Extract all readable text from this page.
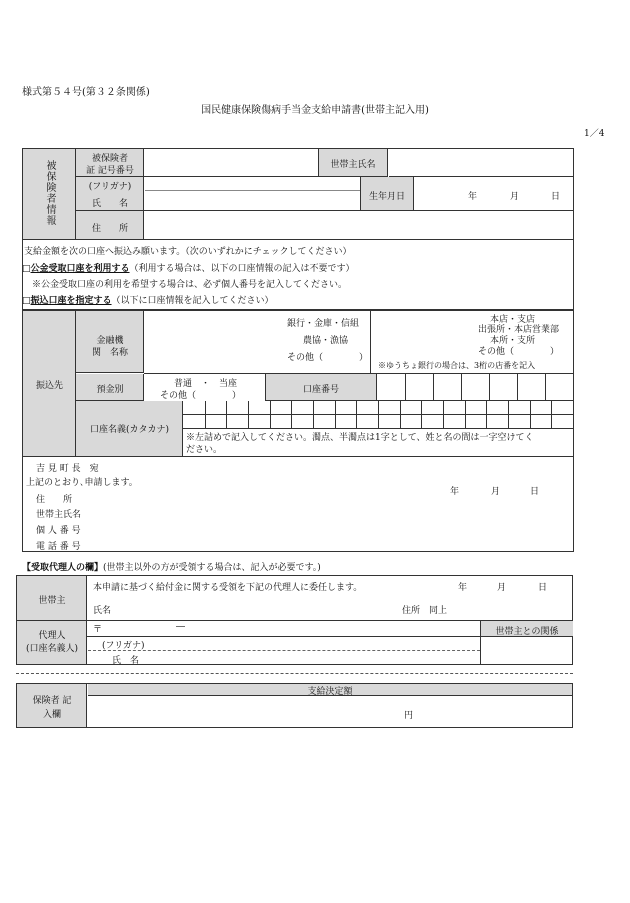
様式第５４号(第３２条関係)
国民健康保険傷病手当金支給申請書(世帯主記入用)
1／4
被保険者情報
被保険者
証 記号番号
世帯主氏名
(フリガナ)
氏　　名
生年月日	年	月	日
住　　所
支給金額を次の口座へ振込み願います。（次のいずれかにチェックしてください）
□公金受取口座を利用する（利用する場合は、以下の口座情報の記入は不要です）
※公金受取口座の利用を希望する場合は、必ず個人番号を記入してください。
□振込口座を指定する（以下に口座情報を記入してください）
振込先
金融機
関　名称
銀行・金庫・信組
農協・漁協
その他（　　　　）
本店・支店
出張所・本店営業部
本所・支所
その他（　　　　）
※ゆうちょ銀行の場合は、3桁の店番を記入
預金別
普通　・　当座
その他（　　　　）
口座番号
口座名義(カタカナ)
※左詰めで記入してください。濁点、半濁点は1字として、姓と名の間は一字空けてく
ださい。
吉 見 町 長　宛
上記のとおり､申請します。
年	月	日
住　　所
世帯主氏名
個 人 番 号
電 話 番 号
【受取代理人の欄】(世帯主以外の方が受領する場合は、記入が必要です。)
世帯主
本申請に基づく給付金に関する受領を下記の代理人に委任します。	年	月	日
氏名	住所　同上
代理人
(口座名義人)
〒	―	世帯主との関係
(フリガナ)
氏　名
保険者 記
入欄
支給決定額
円
